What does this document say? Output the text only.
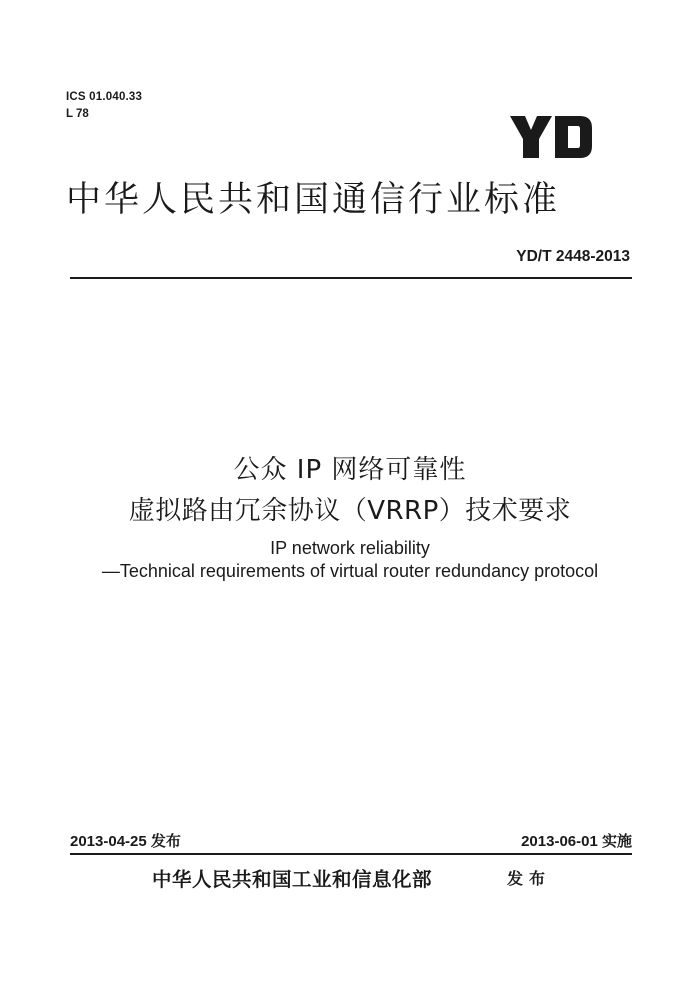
ICS 01.040.33
L 78
中华人民共和国通信行业标准
YD/T 2448-2013
公众 IP 网络可靠性
虚拟路由冗余协议（VRRP）技术要求
IP network reliability
—Technical requirements of virtual router redundancy protocol
2013-04-25 发布	2013-06-01 实施
中华人民共和国工业和信息化部	发布
